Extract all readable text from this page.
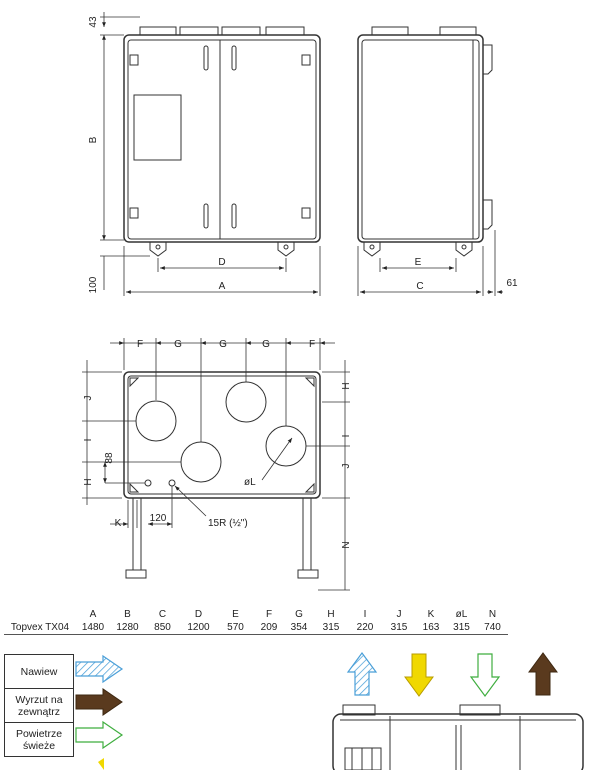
43
B
100
D
A
E
C	61
F	G	G	G	F
J
I
88
H
H
I
J
N
K	120	15R (½")
øL
	A	B	C	D	E	F	G	H	I	J	K	øL	N
Topvex TX04	1480	1280	850	1200	570	209	354	315	220	315	163	315	740
Nawiew
Wyrzut na zewnątrz
Powietrze świeże
